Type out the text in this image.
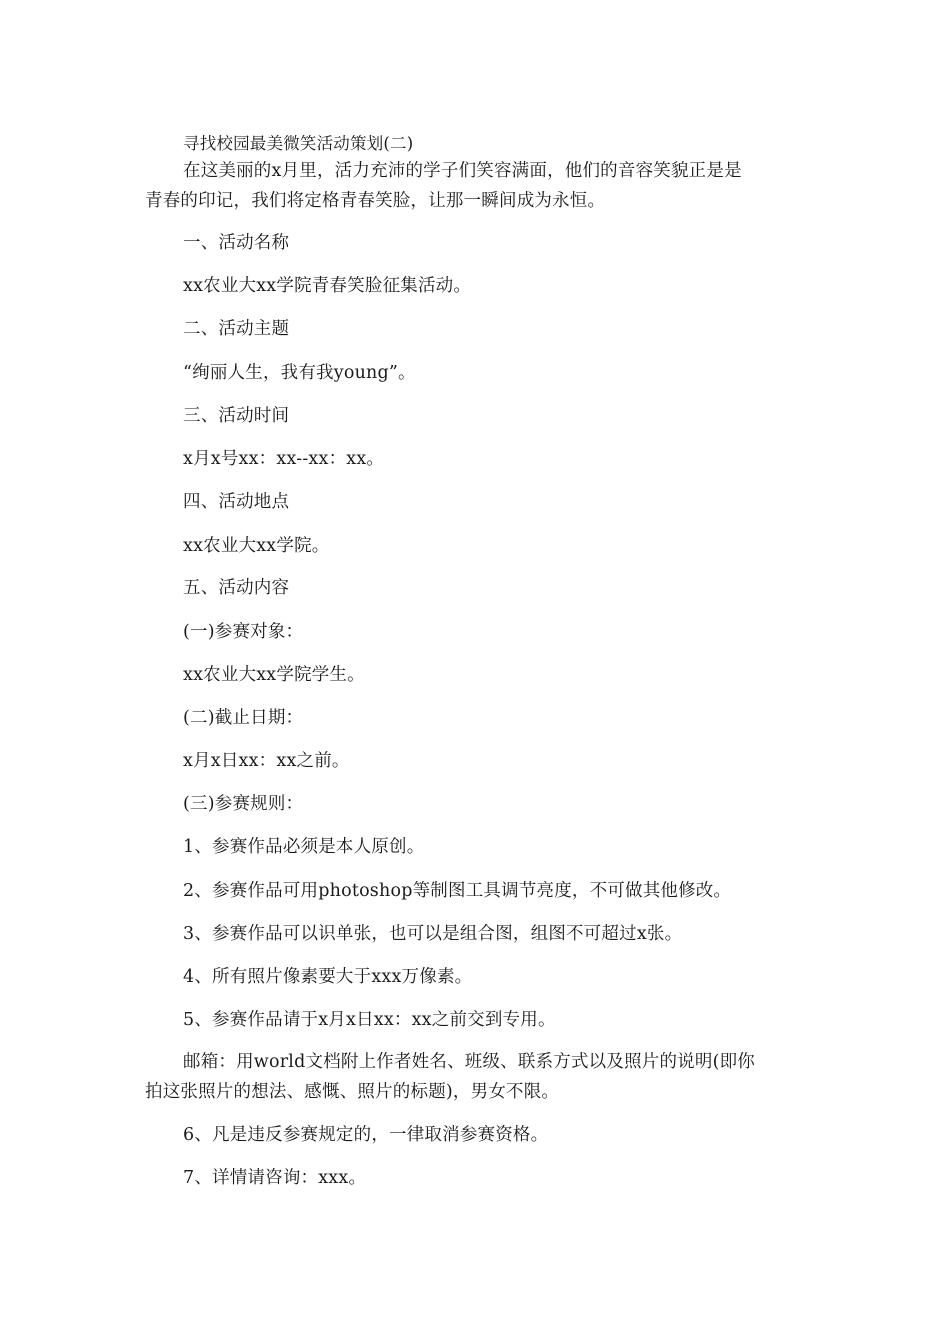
寻找校园最美微笑活动策划(二)
在这美丽的x月里，活力充沛的学子们笑容满面，他们的音容笑貌正是是
青春的印记，我们将定格青春笑脸，让那一瞬间成为永恒。
一、活动名称
xx农业大xx学院青春笑脸征集活动。
二、活动主题
“绚丽人生，我有我young”。
三、活动时间
x月x号xx：xx--xx：xx。
四、活动地点
xx农业大xx学院。
五、活动内容
(一)参赛对象：
xx农业大xx学院学生。
(二)截止日期：
x月x日xx：xx之前。
(三)参赛规则：
1、参赛作品必须是本人原创。
2、参赛作品可用photoshop等制图工具调节亮度，不可做其他修改。
3、参赛作品可以识单张，也可以是组合图，组图不可超过x张。
4、所有照片像素要大于xxx万像素。
5、参赛作品请于x月x日xx：xx之前交到专用。
邮箱：用world文档附上作者姓名、班级、联系方式以及照片的说明(即你
拍这张照片的想法、感慨、照片的标题)，男女不限。
6、凡是违反参赛规定的，一律取消参赛资格。
7、详情请咨询：xxx。
